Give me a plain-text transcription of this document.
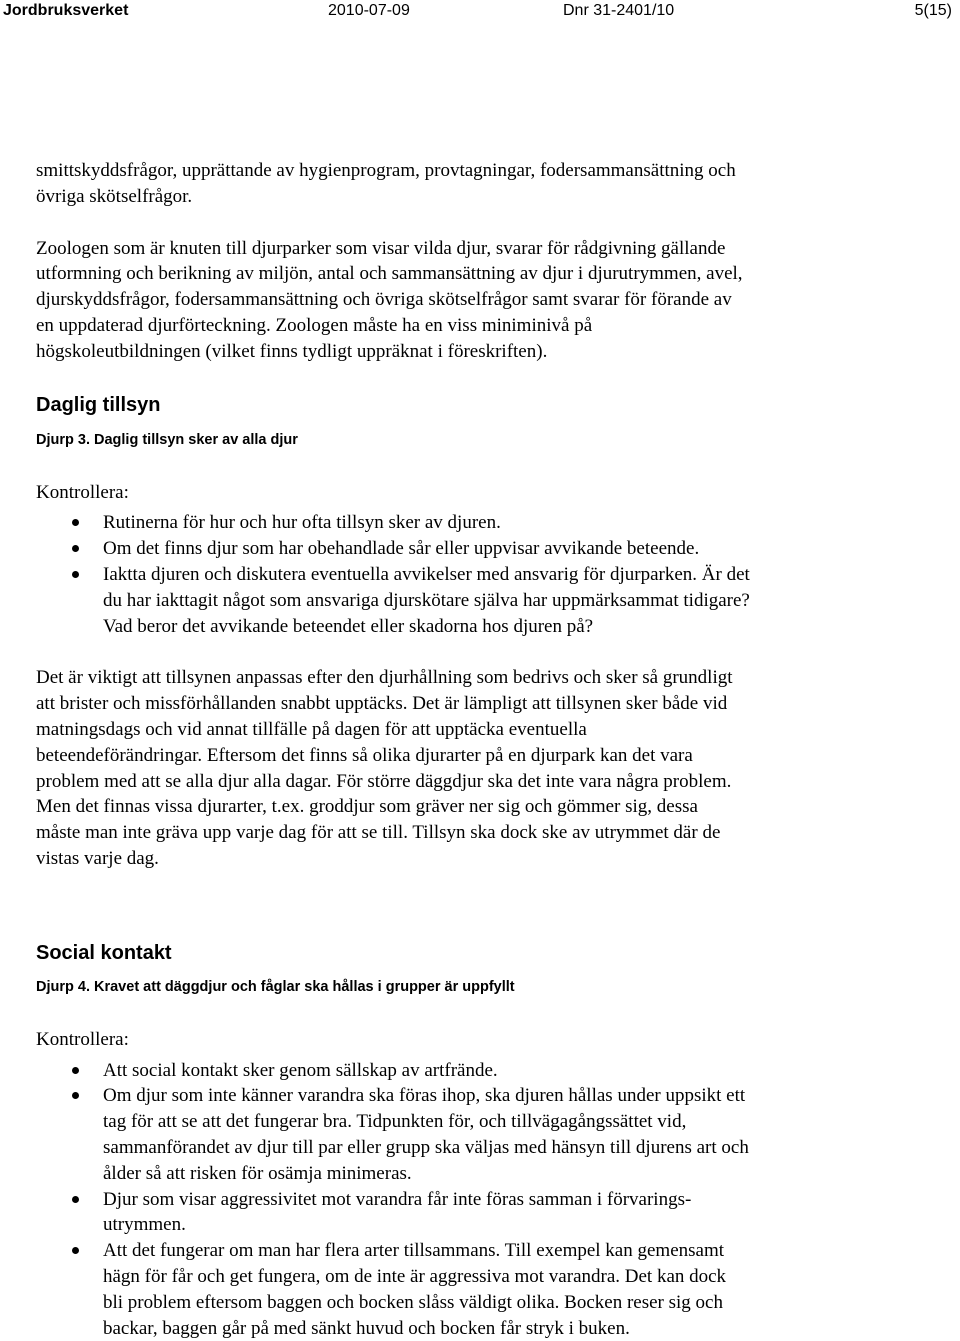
Jordbruksverket	2010-07-09	Dnr 31-2401/10	5(15)

smittskyddsfrågor, upprättande av hygienprogram, provtagningar, fodersammansättning och
övriga skötselfrågor.

Zoologen som är knuten till djurparker som visar vilda djur, svarar för rådgivning gällande
utformning och berikning av miljön, antal och sammansättning av djur i djurutrymmen, avel,
djurskyddsfrågor, fodersammansättning och övriga skötselfrågor samt svarar för förande av
en uppdaterad djurförteckning. Zoologen måste ha en viss miniminivå på
högskoleutbildningen (vilket finns tydligt uppräknat i föreskriften).

Daglig tillsyn
Djurp 3. Daglig tillsyn sker av alla djur

Kontrollera:

Rutinerna för hur och hur ofta tillsyn sker av djuren.
Om det finns djur som har obehandlade sår eller uppvisar avvikande beteende.
Iaktta djuren och diskutera eventuella avvikelser med ansvarig för djurparken. Är det
du har iakttagit något som ansvariga djurskötare själva har uppmärksammat tidigare?
Vad beror det avvikande beteendet eller skadorna hos djuren på?

Det är viktigt att tillsynen anpassas efter den djurhållning som bedrivs och sker så grundligt
att brister och missförhållanden snabbt upptäcks. Det är lämpligt att tillsynen sker både vid
matningsdags och vid annat tillfälle på dagen för att upptäcka eventuella
beteendeförändringar. Eftersom det finns så olika djurarter på en djurpark kan det vara
problem med att se alla djur alla dagar. För större däggdjur ska det inte vara några problem.
Men det finnas vissa djurarter, t.ex. groddjur som gräver ner sig och gömmer sig, dessa
måste man inte gräva upp varje dag för att se till. Tillsyn ska dock ske av utrymmet där de
vistas varje dag.

Social kontakt
Djurp 4. Kravet att däggdjur och fåglar ska hållas i grupper är uppfyllt

Kontrollera:

Att social kontakt sker genom sällskap av artfrände.
Om djur som inte känner varandra ska föras ihop, ska djuren hållas under uppsikt ett
tag för att se att det fungerar bra. Tidpunkten för, och tillvägagångssättet vid,
sammanförandet av djur till par eller grupp ska väljas med hänsyn till djurens art och
ålder så att risken för osämja minimeras.
Djur som visar aggressivitet mot varandra får inte föras samman i förvarings-
utrymmen.
Att det fungerar om man har flera arter tillsammans. Till exempel kan gemensamt
hägn för får och get fungera, om de inte är aggressiva mot varandra. Det kan dock
bli problem eftersom baggen och bocken slåss väldigt olika. Bocken reser sig och
backar, baggen går på med sänkt huvud och bocken får stryk i buken.
